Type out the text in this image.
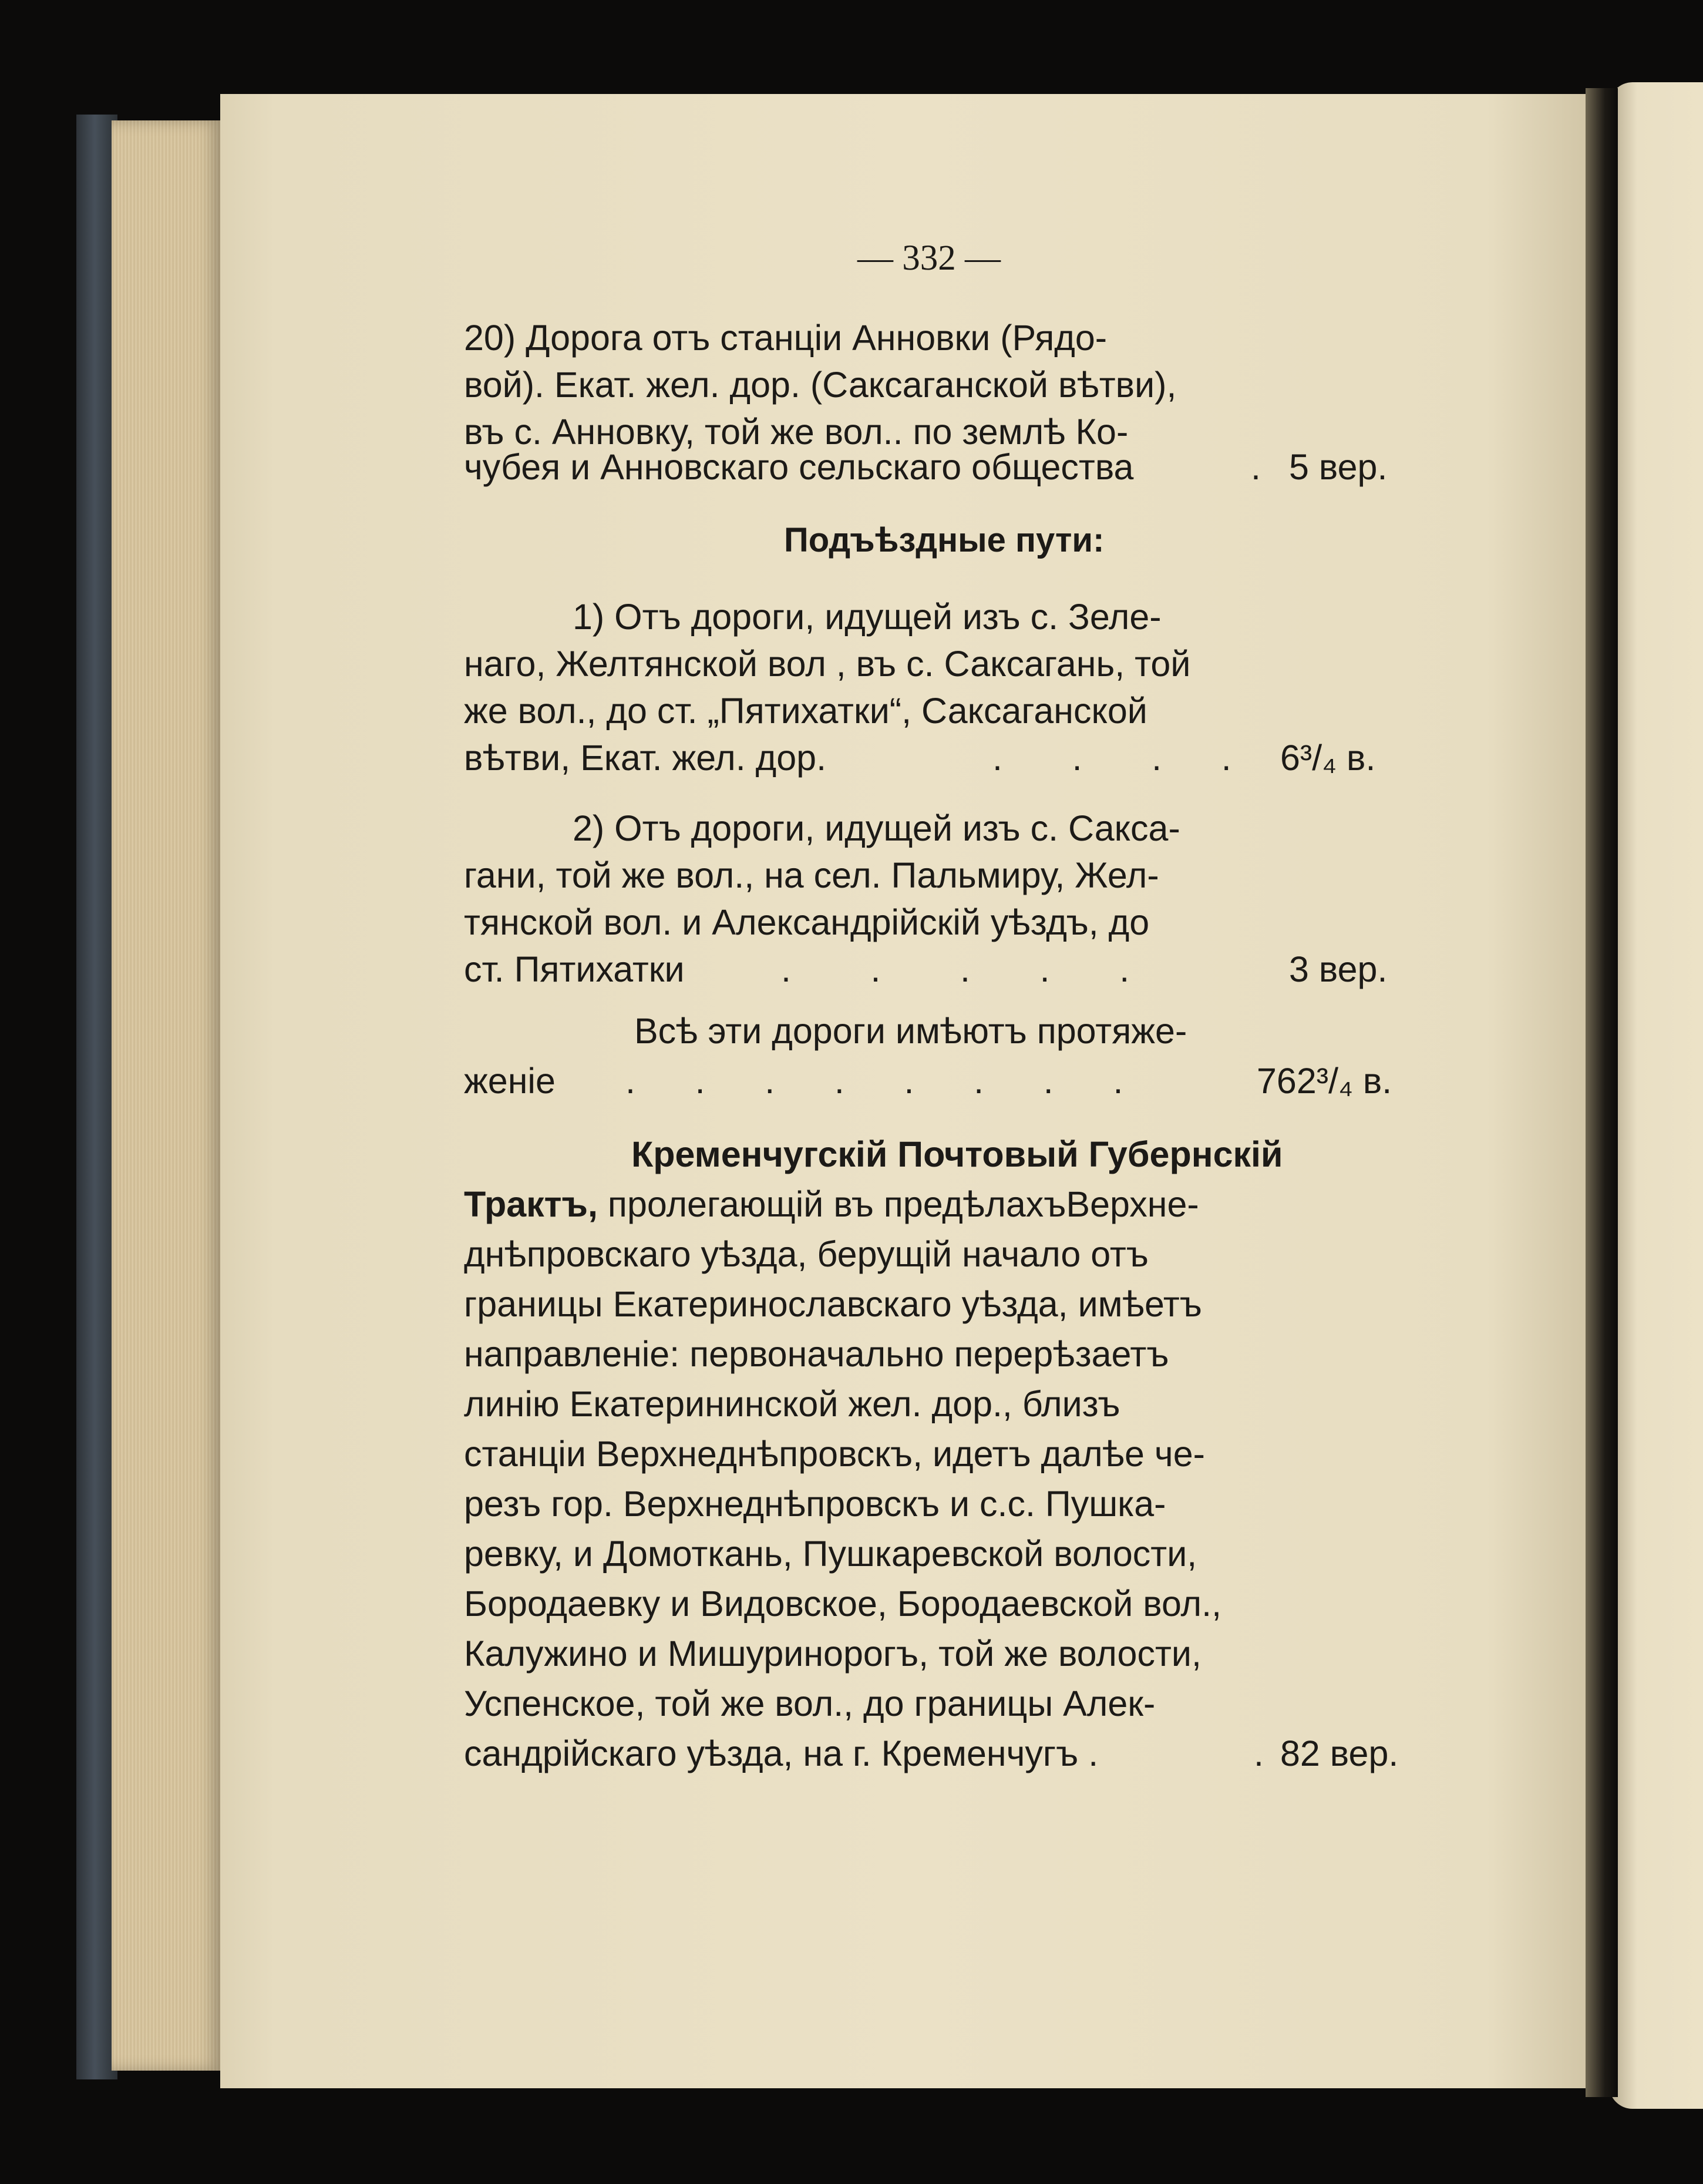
— 332 —
20) Дорога отъ станцiи Анновки (Рядо-
вой). Екат. жел. дор. (Саксаганской вѣтви),
въ с. Анновку, той же вол.. по землѣ Ко-
чубея и Анновскаго сельскаго общества	. 5 вер.
Подъѣздные пути:
1) Отъ дороги, идущей изъ с. Зеле-
наго, Желтянской вол , въ с. Саксагань, той
же вол., до ст. „Пятихатки“, Саксаганской
вѣтви, Екат. жел. дор.	.       .       .      . 6³/₄ в.
2) Отъ дороги, идущей изъ с. Сакса-
гани, той же вол., на сел. Пальмиру, Жел-
тянской вол. и Александрiйскiй уѣздъ, до
ст. Пятихатки	.        .        .       .       .	3 вер.
Всѣ эти дороги имѣютъ протяже-
женiе	.      .      .      .      .      .      .      .	762³/₄ в.
Кременчугскiй Почтовый Губернскiй
Трактъ, пролегающiй въ предѣлахъВерхне-
днѣпровскаго уѣзда, берущiй начало отъ
границы Екатеринославскаго уѣзда, имѣетъ
направленiе: первоначально перерѣзаетъ
линiю Екатерининской жел. дор., близъ
станцiи Верхнеднѣпровскъ, идетъ далѣе че-
резъ гор. Верхнеднѣпровскъ и с.с. Пушка-
ревку, и Домоткань, Пушкаревской волости,
Бородаевку и Видовское, Бородаевской вол.,
Калужино и Мишуринорогъ, той же волости,
Успенское, той же вол., до границы Алек-
сандрiйскаго уѣзда, на г. Кременчугъ .	. 82 вер.
